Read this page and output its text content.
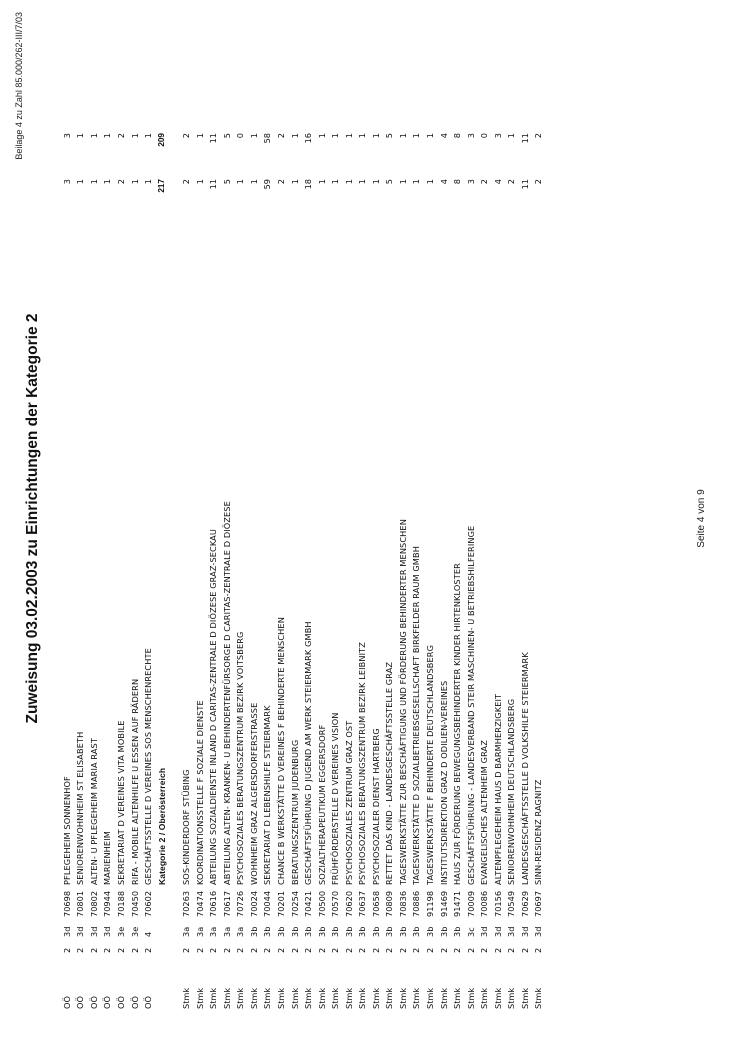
Beilage 4 zu Zahl 85.000/262-III/7/03
Zuweisung 03.02.2003 zu Einrichtungen der Kategorie 2
OÖ	2	3d	70698	PFLEGEHEIM SONNENHOF	3	3
OÖ	2	3d	70801	SENIORENWOHNHEIM ST ELISABETH	1	1
OÖ	2	3d	70802	ALTEN- U PFLEGEHEIM MARIA RAST	1	1
OÖ	2	3d	70944	MARIENHEIM	1	1
OÖ	2	3e	70188	SEKRETARIAT D VEREINES VITA MOBILE	2	2
OÖ	2	3e	70450	RIFA - MOBILE ALTENHILFE U ESSEN AUF RÄDERN	1	1
OÖ	2	4	70602	GESCHÄFTSSTELLE D VEREINES SOS MENSCHENRECHTE	1	1
				Kategorie 2 / Oberösterreich	217	209

Stmk	2	3a	70263	SOS-KINDERDORF STÜBING	2	2
Stmk	2	3a	70474	KOORDINATIONSSTELLE F SOZIALE DIENSTE	1	1
Stmk	2	3a	70616	ABTEILUNG SOZIALDIENSTE INLAND D CARITAS-ZENTRALE D DIÖZESE GRAZ-SECKAU	11	11
Stmk	2	3a	70617	ABTEILUNG ALTEN- KRANKEN- U BEHINDERTENFÜRSORGE D CARITAS-ZENTRALE D DIÖZESE	5	5
Stmk	2	3a	70726	PSYCHOSOZIALES BERATUNGSZENTRUM BEZIRK VOITSBERG	1	0
Stmk	2	3b	70024	WOHNHEIM GRAZ ALGERSDORFERSTRASSE	1	1
Stmk	2	3b	70044	SEKRETARIAT D LEBENSHILFE STEIERMARK	59	58
Stmk	2	3b	70201	CHANCE B WERKSTÄTTE D VEREINES F BEHINDERTE MENSCHEN	2	2
Stmk	2	3b	70254	BERATUNGSZENTRUM JUDENBURG	1	1
Stmk	2	3b	70421	GESCHÄFTSFÜHRUNG D JUGEND AM WERK STEIERMARK GMBH	18	16
Stmk	2	3b	70500	SOZIALTHERAPEUTIKUM EGGERSDORF	1	1
Stmk	2	3b	70570	FRÜHFÖRDERSTELLE D VEREINES VISION	1	1
Stmk	2	3b	70620	PSYCHOSOZIALES ZENTRUM GRAZ OST	1	1
Stmk	2	3b	70637	PSYCHOSOZIALES BERATUNGSZENTRUM BEZIRK LEIBNITZ	1	1
Stmk	2	3b	70658	PSYCHOSOZIALER DIENST HARTBERG	1	1
Stmk	2	3b	70809	RETTET DAS KIND - LANDESGESCHÄFTSSTELLE GRAZ	5	5
Stmk	2	3b	70836	TAGESWERKSTÄTTE ZUR BESCHÄFTIGUNG UND FÖRDERUNG BEHINDERTER MENSCHEN	1	1
Stmk	2	3b	70886	TAGESWERKSTÄTTE D SOZIALBETRIEBSGESELLSCHAFT BIRKFELDER RAUM GMBH	1	1
Stmk	2	3b	91198	TAGESWERKSTÄTTE F BEHINDERTE DEUTSCHLANDSBERG	1	1
Stmk	2	3b	91469	INSTITUTSDIREKTION GRAZ D ODILIEN-VEREINES	4	4
Stmk	2	3b	91471	HAUS ZUR FÖRDERUNG BEWEGUNGSBEHINDERTER KINDER HIRTENKLOSTER	8	8
Stmk	2	3c	70009	GESCHÄFTSFÜHRUNG - LANDESVERBAND STEIR MASCHINEN- U BETRIEBSHILFERINGE	3	3
Stmk	2	3d	70086	EVANGELISCHES ALTENHEIM GRAZ	2	0
Stmk	2	3d	70156	ALTENPFLEGEHEIM HAUS D BARMHERZIGKEIT	4	3
Stmk	2	3d	70549	SENIORENWOHNHEIM DEUTSCHLANDSBERG	2	1
Stmk	2	3d	70629	LANDESGESCHÄFTSSTELLE D VOLKSHILFE STEIERMARK	11	11
Stmk	2	3d	70697	SINN-RESIDENZ RAGNITZ	2	2
Seite 4 von 9
